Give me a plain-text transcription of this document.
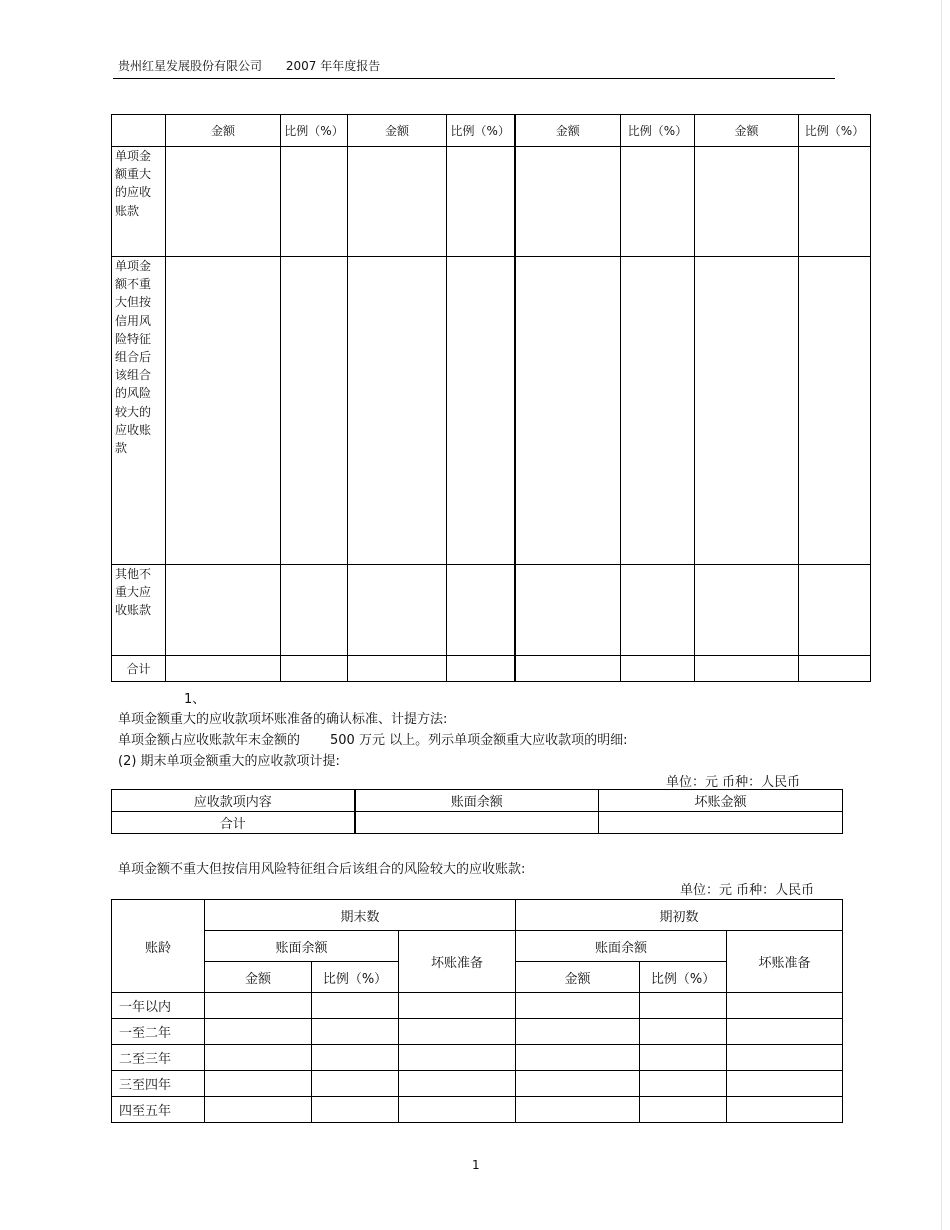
贵州红星发展股份有限公司 2007 年年度报告
	金额	比例（%）	金额	比例（%）	金额	比例（%）	金额	比例（%）
单项金额重大的应收账款								
单项金额不重大但按信用风险特征组合后该组合的风险较大的应收账款								
其他不重大应收账款								
合计								
1、
单项金额重大的应收款项坏账准备的确认标准、计提方法:
单项金额占应收账款年末金额的 500 万元 以上。列示单项金额重大应收款项的明细:
(2) 期末单项金额重大的应收款项计提:
单位：元 币种：人民币
应收款项内容	账面余额	坏账金额
合计		
单项金额不重大但按信用风险特征组合后该组合的风险较大的应收账款:
单位：元 币种：人民币
账龄	期末数			期初数		
	账面余额		坏账准备	账面余额		坏账准备
	金额	比例（%）		金额	比例（%）	
一年以内						
一至二年						
二至三年						
三至四年						
四至五年						
1
